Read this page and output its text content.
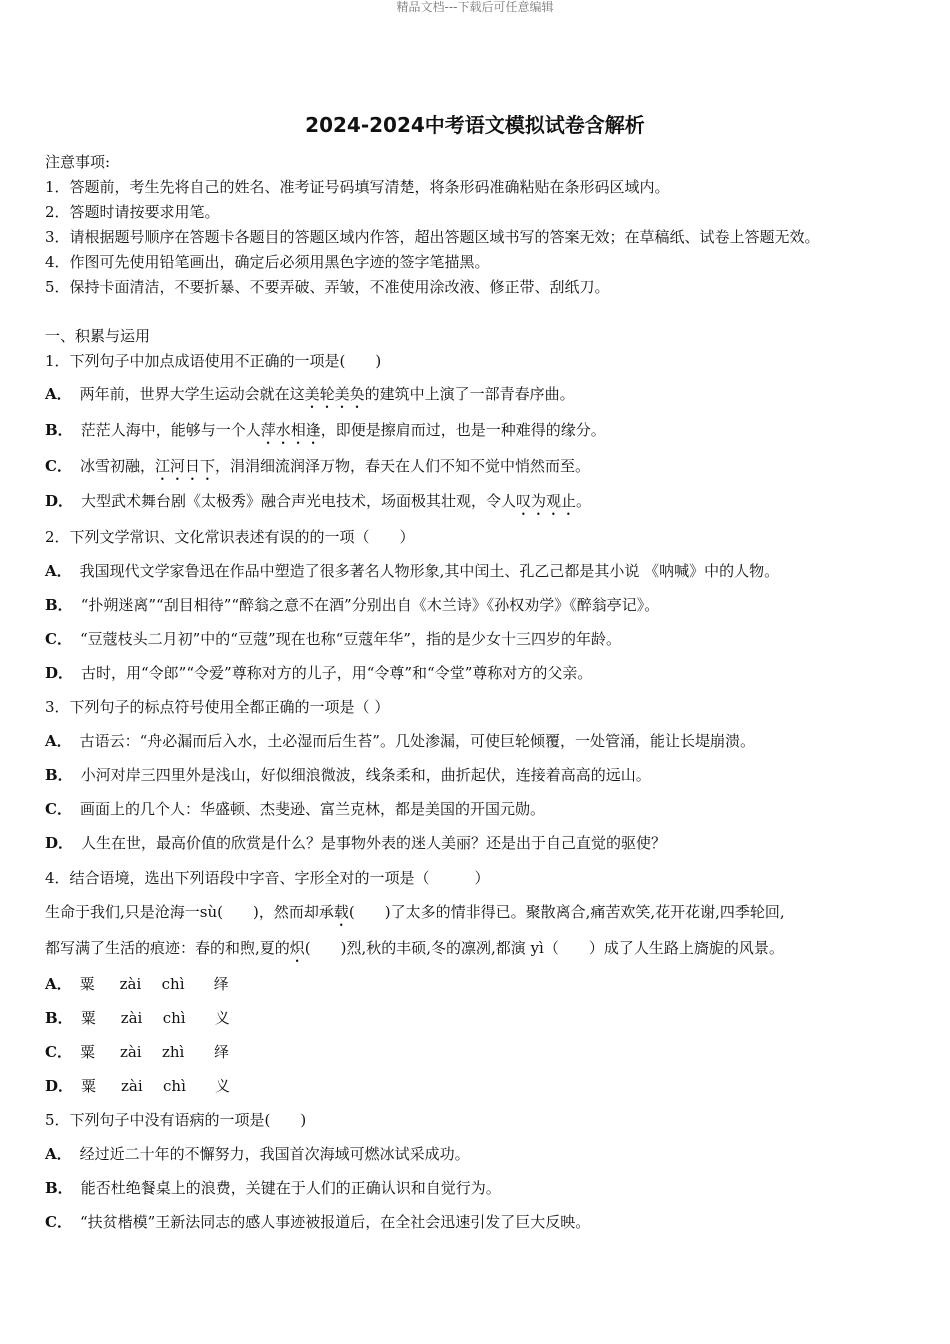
精品文档---下载后可任意编辑
2024-2024中考语文模拟试卷含解析
注意事项:
1．答题前，考生先将自己的姓名、准考证号码填写清楚，将条形码准确粘贴在条形码区域内。
2．答题时请按要求用笔。
3．请根据题号顺序在答题卡各题目的答题区域内作答，超出答题区域书写的答案无效；在草稿纸、试卷上答题无效。
4．作图可先使用铅笔画出，确定后必须用黑色字迹的签字笔描黑。
5．保持卡面清洁，不要折暴、不要弄破、弄皱，不准使用涂改液、修正带、刮纸刀。
一、积累与运用
1．下列句子中加点成语使用不正确的一项是(　　)
A． 两年前，世界大学生运动会就在这美轮美奂的建筑中上演了一部青春序曲。
B． 茫茫人海中，能够与一个人萍水相逢，即便是擦肩而过，也是一种难得的缘分。
C． 冰雪初融，江河日下，涓涓细流润泽万物，春天在人们不知不觉中悄然而至。
D． 大型武术舞台剧《太极秀》融合声光电技术，场面极其壮观，令人叹为观止。
2．下列文学常识、文化常识表述有误的的一项（　　）
A． 我国现代文学家鲁迅在作品中塑造了很多著名人物形象,其中闰土、孔乙己都是其小说 《呐喊》中的人物。
B． “扑朔迷离”“刮目相待”“醉翁之意不在酒”分别出自《木兰诗》《孙权劝学》《醉翁亭记》。
C． “豆蔻枝头二月初”中的“豆蔻”现在也称“豆蔻年华”，指的是少女十三四岁的年龄。
D． 古时，用“令郎”“令爱”尊称对方的儿子，用“令尊”和“令堂”尊称对方的父亲。
3．下列句子的标点符号使用全都正确的一项是（ ）
A． 古语云：“舟必漏而后入水，土必湿而后生苔”。几处渗漏，可使巨轮倾覆，一处管涌，能让长堤崩溃。
B． 小河对岸三四里外是浅山，好似细浪微波，线条柔和，曲折起伏，连接着高高的远山。
C． 画面上的几个人：华盛顿、杰斐逊、富兰克林，都是美国的开国元勋。
D． 人生在世，最高价值的欣赏是什么？是事物外表的迷人美丽？还是出于自己直觉的驱使？
4．结合语境，选出下列语段中字音、字形全对的一项是（　　　）
生命于我们,只是沧海一sù(　　)，然而却承载(　　)了太多的情非得已。聚散离合,痛苦欢笑,花开花谢,四季轮回,
都写满了生活的痕迹：春的和煦,夏的炽(　　)烈,秋的丰硕,冬的凛冽,都演 yì（　　）成了人生路上旖旎的风景。
A． 粟 zài chì 绎
B． 粟 zài chì 义
C． 粟 zài zhì 绎
D． 粟 zài chì 义
5．下列句子中没有语病的一项是(　　)
A． 经过近二十年的不懈努力，我国首次海域可燃冰试采成功。
B． 能否杜绝餐桌上的浪费，关键在于人们的正确认识和自觉行为。
C． “扶贫楷模”王新法同志的感人事迹被报道后，在全社会迅速引发了巨大反映。
